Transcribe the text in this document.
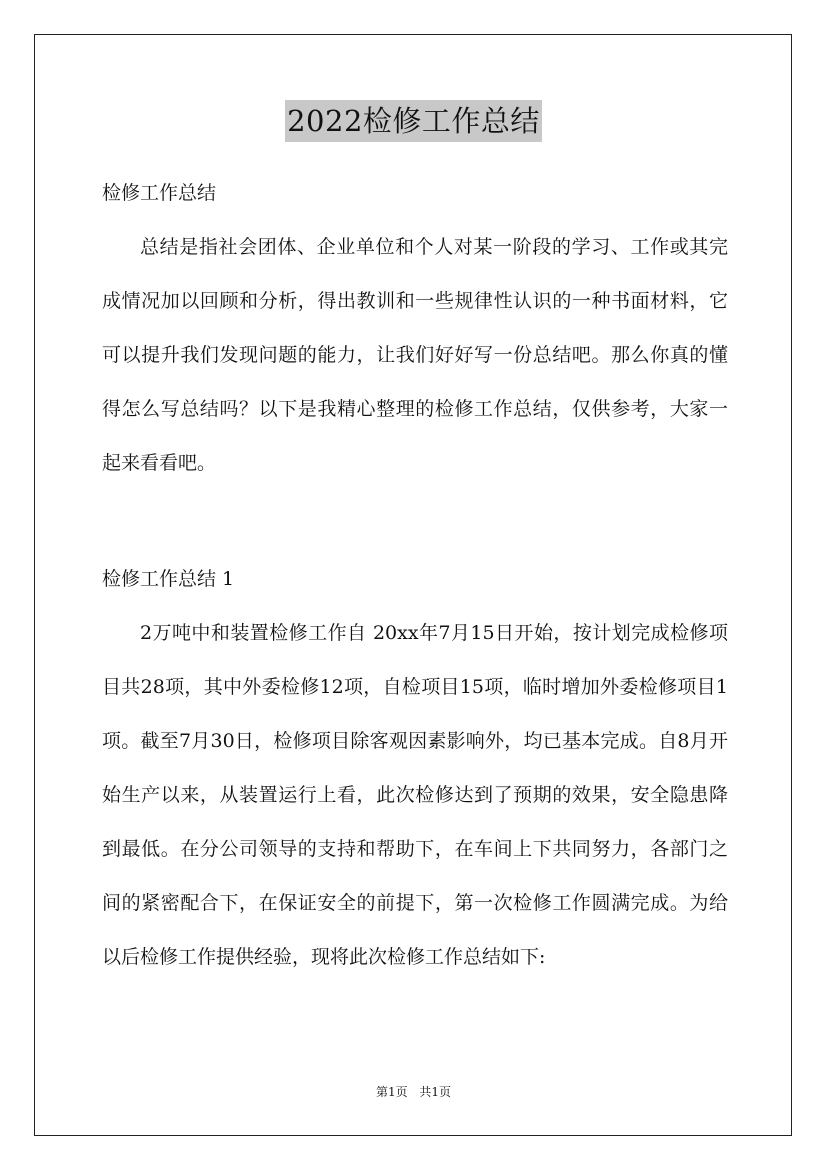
2022检修工作总结

检修工作总结

总结是指社会团体、企业单位和个人对某一阶段的学习、工作或其完成情况加以回顾和分析，得出教训和一些规律性认识的一种书面材料，它可以提升我们发现问题的能力，让我们好好写一份总结吧。那么你真的懂得怎么写总结吗？以下是我精心整理的检修工作总结，仅供参考，大家一起来看看吧。

检修工作总结 1

2万吨中和装置检修工作自 20xx年7月15日开始，按计划完成检修项目共28项，其中外委检修12项，自检项目15项，临时增加外委检修项目1项。截至7月30日，检修项目除客观因素影响外，均已基本完成。自8月开始生产以来，从装置运行上看，此次检修达到了预期的效果，安全隐患降到最低。在分公司领导的支持和帮助下，在车间上下共同努力，各部门之间的紧密配合下，在保证安全的前提下，第一次检修工作圆满完成。为给以后检修工作提供经验，现将此次检修工作总结如下:

第1页 共1页
